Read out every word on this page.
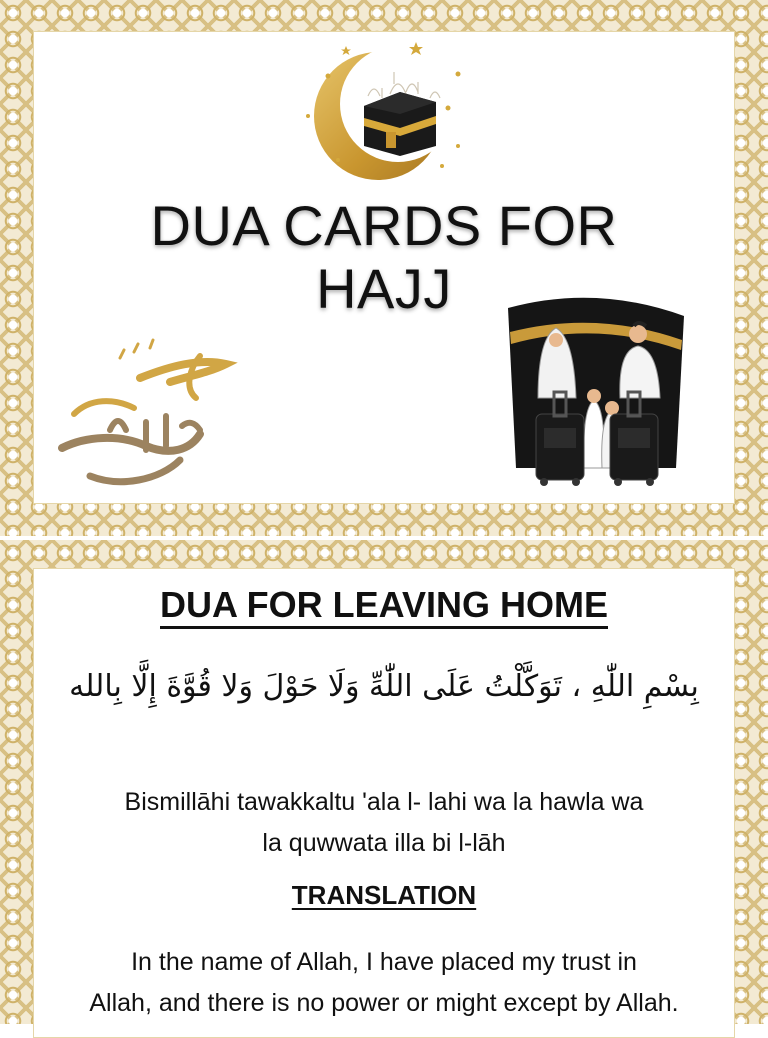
DUA CARDS FOR
HAJJ
DUA FOR LEAVING HOME
بِسْمِ اللّٰهِ ، تَوَكَّلْتُ عَلَى اللّٰهِّ وَلَا حَوْلَ وَلا قُوَّةَ إِلَّا بِالله
Bismillāhi tawakkaltu 'ala l- lahi wa la hawla wa
la quwwata illa bi l-lāh
TRANSLATION
In the name of Allah, I have placed my trust in
Allah, and there is no power or might except by Allah.
